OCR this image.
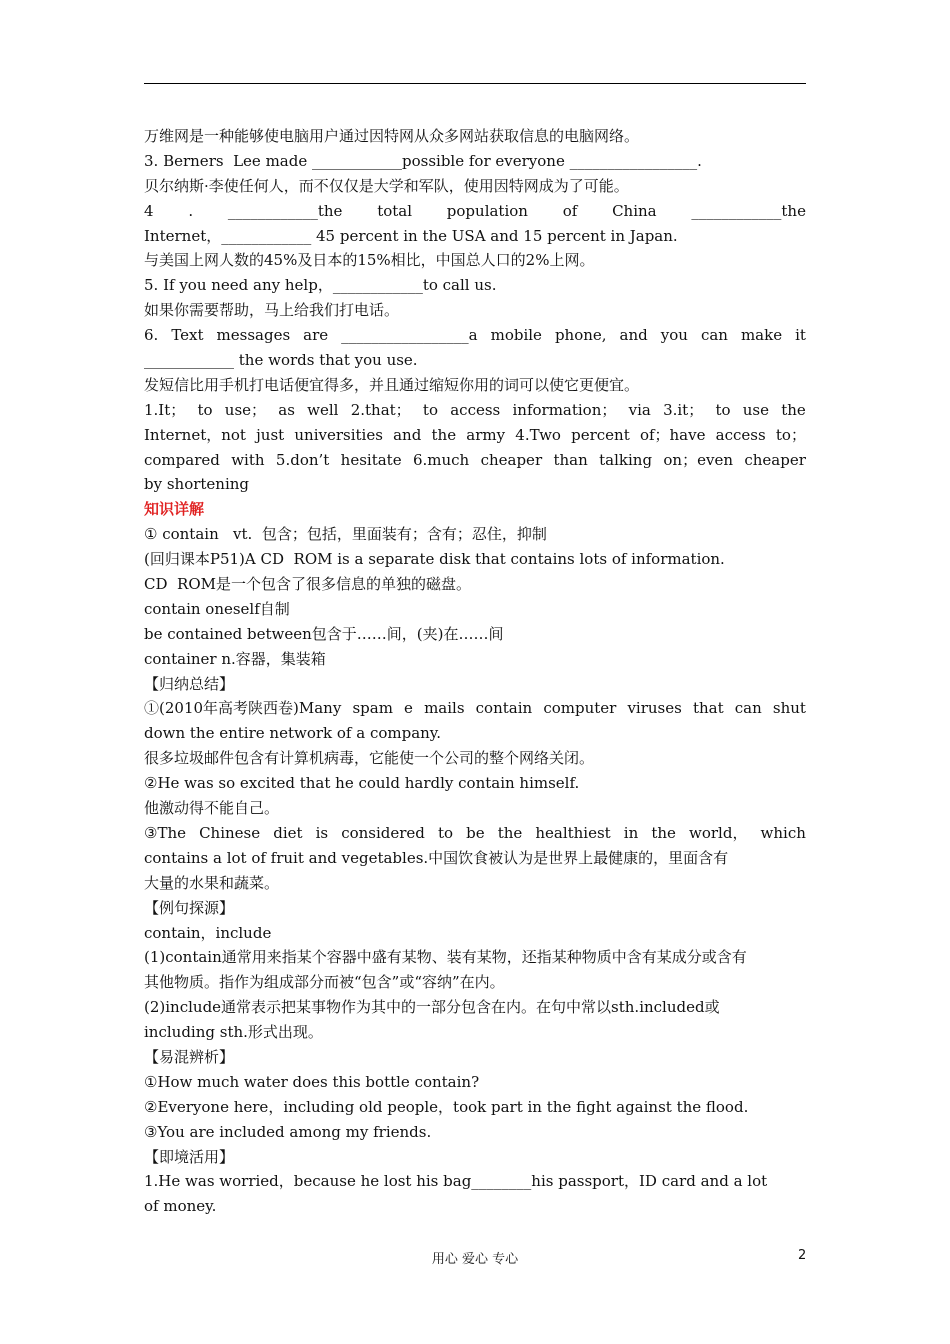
万维网是一种能够使电脑用户通过因特网从众多网站获取信息的电脑网络。
3. Berners  Lee made ____________possible for everyone _________________.
贝尔纳斯·李使任何人，而不仅仅是大学和军队，使用因特网成为了可能。
4 . ____________the total population of China ____________the
Internet，____________ 45 percent in the USA and 15 percent in Japan.
与美国上网人数的45%及日本的15%相比，中国总人口的2%上网。
5. If you need any help，____________to call us.
如果你需要帮助，马上给我们打电话。
6. Text messages are _________________a mobile phone, and you can make it
____________ the words that you use.
发短信比用手机打电话便宜得多，并且通过缩短你用的词可以使它更便宜。
1.It； to use； as well 2.that； to access information； via 3.it； to use the
Internet，not just universities and the army 4.Two percent of；have access to；
compared with 5.don’t hesitate 6.much cheaper than talking on；even cheaper
by shortening
知识详解
① contain   vt.  包含；包括，里面装有；含有；忍住，抑制
(回归课本P51)A CD  ROM is a separate disk that contains lots of information.
CD  ROM是一个包含了很多信息的单独的磁盘。
contain oneself自制
be contained between包含于……间，(夹)在……间
container n.容器，集装箱
【归纳总结】
①(2010年高考陕西卷)Many spam e mails contain computer viruses that can shut
down the entire network of a company.
很多垃圾邮件包含有计算机病毒，它能使一个公司的整个网络关闭。
②He was so excited that he could hardly contain himself.
他激动得不能自己。
③The Chinese diet is considered to be the healthiest in the world， which
contains a lot of fruit and vegetables.中国饮食被认为是世界上最健康的，里面含有
大量的水果和蔬菜。
【例句探源】
contain，include
(1)contain通常用来指某个容器中盛有某物、装有某物，还指某种物质中含有某成分或含有
其他物质。指作为组成部分而被“包含”或“容纳”在内。
(2)include通常表示把某事物作为其中的一部分包含在内。在句中常以sth.included或
including sth.形式出现。
【易混辨析】
①How much water does this bottle contain?
②Everyone here，including old people，took part in the fight against the flood.
③You are included among my friends.
【即境活用】
1.He was worried，because he lost his bag________his passport，ID card and a lot
of money.
用心 爱心 专心	2
